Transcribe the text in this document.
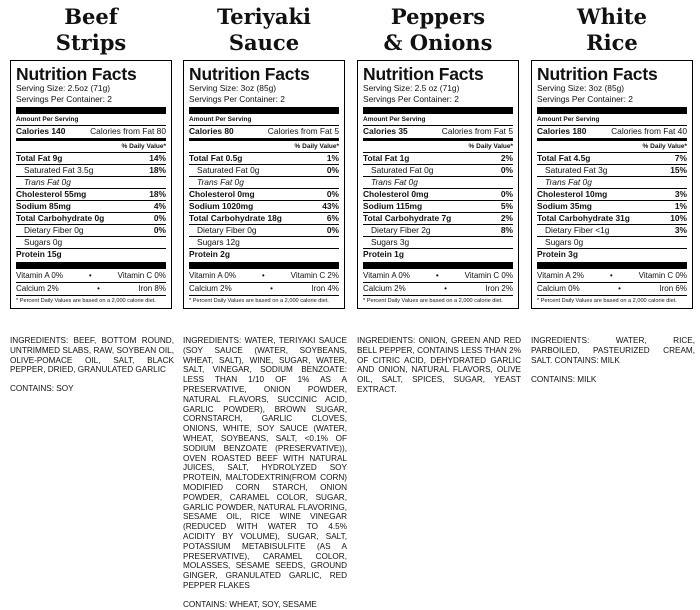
Beef
Strips
Nutrition Facts
Serving Size: 2.5oz (71g)
Servings Per Container: 2
Amount Per Serving
Calories 140	Calories from Fat 80
% Daily Value*
Total Fat 9g	14%
Saturated Fat 3.5g	18%
Trans Fat 0g
Cholesterol 55mg	18%
Sodium 85mg	4%
Total Carbohydrate 0g	0%
Dietary Fiber 0g	0%
Sugars 0g
Protein 15g
Vitamin A 0%	•	Vitamin C 0%
Calcium 2%	•	Iron 8%
* Percent Daily Values are based on a 2,000 calorie diet.
INGREDIENTS: BEEF, BOTTOM ROUND, UNTRIMMED SLABS, RAW, SOYBEAN OIL, OLIVE-POMACE OIL, SALT, BLACK PEPPER, DRIED, GRANULATED GARLIC
CONTAINS: SOY
Teriyaki
Sauce
Nutrition Facts
Serving Size: 3oz (85g)
Servings Per Container: 2
Amount Per Serving
Calories 80	Calories from Fat 5
% Daily Value*
Total Fat 0.5g	1%
Saturated Fat 0g	0%
Trans Fat 0g
Cholesterol 0mg	0%
Sodium 1020mg	43%
Total Carbohydrate 18g	6%
Dietary Fiber 0g	0%
Sugars 12g
Protein 2g
Vitamin A 0%	•	Vitamin C 2%
Calcium 2%	•	Iron 4%
* Percent Daily Values are based on a 2,000 calorie diet.
INGREDIENTS: WATER, TERIYAKI SAUCE (SOY SAUCE (WATER, SOYBEANS, WHEAT, SALT), WINE, SUGAR, WATER, SALT, VINEGAR, SODIUM BENZOATE: LESS THAN 1/10 OF 1% AS A PRESERVATIVE, ONION POWDER, NATURAL FLAVORS, SUCCINIC ACID, GARLIC POWDER), BROWN SUGAR, CORNSTARCH, GARLIC CLOVES, ONIONS, WHITE, SOY SAUCE (WATER, WHEAT, SOYBEANS, SALT, <0.1% OF SODIUM BENZOATE (PRESERVATIVE)), OVEN ROASTED BEEF WITH NATURAL JUICES, SALT, HYDROLYZED SOY PROTEIN, MALTODEXTRIN(FROM CORN) MODIFIED CORN STARCH, ONION POWDER, CARAMEL COLOR, SUGAR, GARLIC POWDER, NATURAL FLAVORING, SESAME OIL, RICE WINE VINEGAR (REDUCED WITH WATER TO 4.5% ACIDITY BY VOLUME), SUGAR, SALT, POTASSIUM METABISULFITE (AS A PRESERVATIVE), CARAMEL COLOR, MOLASSES, SESAME SEEDS, GROUND GINGER, GRANULATED GARLIC, RED PEPPER FLAKES
CONTAINS: WHEAT, SOY, SESAME
Peppers
& Onions
Nutrition Facts
Serving Size: 2.5 oz (71g)
Servings Per Container: 2
Amount Per Serving
Calories 35	Calories from Fat 5
% Daily Value*
Total Fat 1g	2%
Saturated Fat 0g	0%
Trans Fat 0g
Cholesterol 0mg	0%
Sodium 115mg	5%
Total Carbohydrate 7g	2%
Dietary Fiber 2g	8%
Sugars 3g
Protein 1g
Vitamin A 0%	•	Vitamin C 0%
Calcium 2%	•	Iron 2%
* Percent Daily Values are based on a 2,000 calorie diet.
INGREDIENTS: ONION, GREEN AND RED BELL PEPPER, CONTAINS LESS THAN 2% OF CITRIC ACID, DEHYDRATED GARLIC AND ONION, NATURAL FLAVORS, OLIVE OIL, SALT, SPICES, SUGAR, YEAST EXTRACT.
White
Rice
Nutrition Facts
Serving Size: 3oz (85g)
Servings Per Container: 2
Amount Per Serving
Calories 180	Calories from Fat 40
% Daily Value*
Total Fat 4.5g	7%
Saturated Fat 3g	15%
Trans Fat 0g
Cholesterol 10mg	3%
Sodium 35mg	1%
Total Carbohydrate 31g	10%
Dietary Fiber <1g	3%
Sugars 0g
Protein 3g
Vitamin A 2%	•	Vitamin C 0%
Calcium 0%	•	Iron 6%
* Percent Daily Values are based on a 2,000 calorie diet.
INGREDIENTS: WATER, RICE, PARBOILED, PASTEURIZED CREAM, SALT. CONTAINS: MILK
CONTAINS: MILK
